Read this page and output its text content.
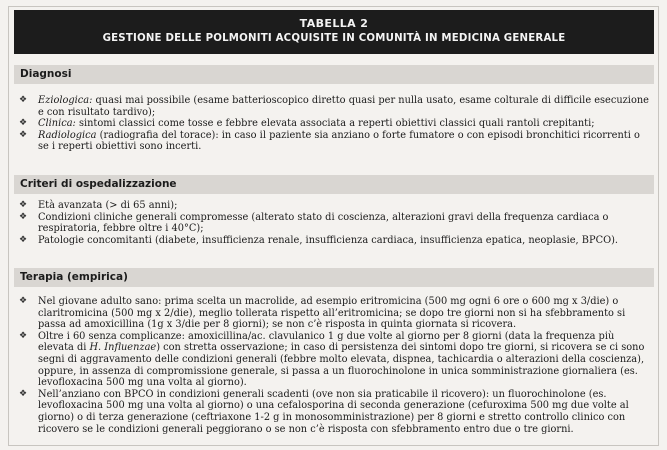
TABELLA 2
GESTIONE DELLE POLMONITI ACQUISITE IN COMUNITÀ IN MEDICINA GENERALE
Diagnosi
❖ Eziologica: quasi mai possibile (esame batterioscopico diretto quasi per nulla usato, esame colturale di difficile esecuzione e con risultato tardivo);
❖ Clinica: sintomi classici come tosse e febbre elevata associata a reperti obiettivi classici quali rantoli crepitanti;
❖ Radiologica (radiografia del torace): in caso il paziente sia anziano o forte fumatore o con episodi bronchitici ricorrenti o se i reperti obiettivi sono incerti.
Criteri di ospedalizzazione
❖ Età avanzata (> di 65 anni);
❖ Condizioni cliniche generali compromesse (alterato stato di coscienza, alterazioni gravi della frequenza cardiaca o respiratoria, febbre oltre i 40°C);
❖ Patologie concomitanti (diabete, insufficienza renale, insufficienza cardiaca, insufficienza epatica, neoplasie, BPCO).
Terapia (empirica)
❖ Nel giovane adulto sano: prima scelta un macrolide, ad esempio eritromicina (500 mg ogni 6 ore o 600 mg x 3/die) o claritromicina (500 mg x 2/die), meglio tollerata rispetto all’eritromicina; se dopo tre giorni non si ha sfebbramento si passa ad amoxicillina (1g x 3/die per 8 giorni); se non c’è risposta in quinta giornata si ricovera.
❖ Oltre i 60 senza complicanze: amoxicillina/ac. clavulanico 1 g due volte al giorno per 8 giorni (data la frequenza più elevata di H. Influenzae) con stretta osservazione; in caso di persistenza dei sintomi dopo tre giorni, si ricovera se ci sono segni di aggravamento delle condizioni generali (febbre molto elevata, dispnea, tachicardia o alterazioni della coscienza), oppure, in assenza di compromissione generale, si passa a un fluorochinolone in unica somministrazione giornaliera (es. levofloxacina 500 mg una volta al giorno).
❖ Nell’anziano con BPCO in condizioni generali scadenti (ove non sia praticabile il ricovero): un fluorochinolone (es. levofloxacina 500 mg una volta al giorno) o una cefalosporina di seconda generazione (cefuroxima 500 mg due volte al giorno) o di terza generazione (ceftriaxone 1-2 g in monosomministrazione) per 8 giorni e stretto controllo clinico con ricovero se le condizioni generali peggiorano o se non c’è risposta con sfebbramento entro due o tre giorni.
